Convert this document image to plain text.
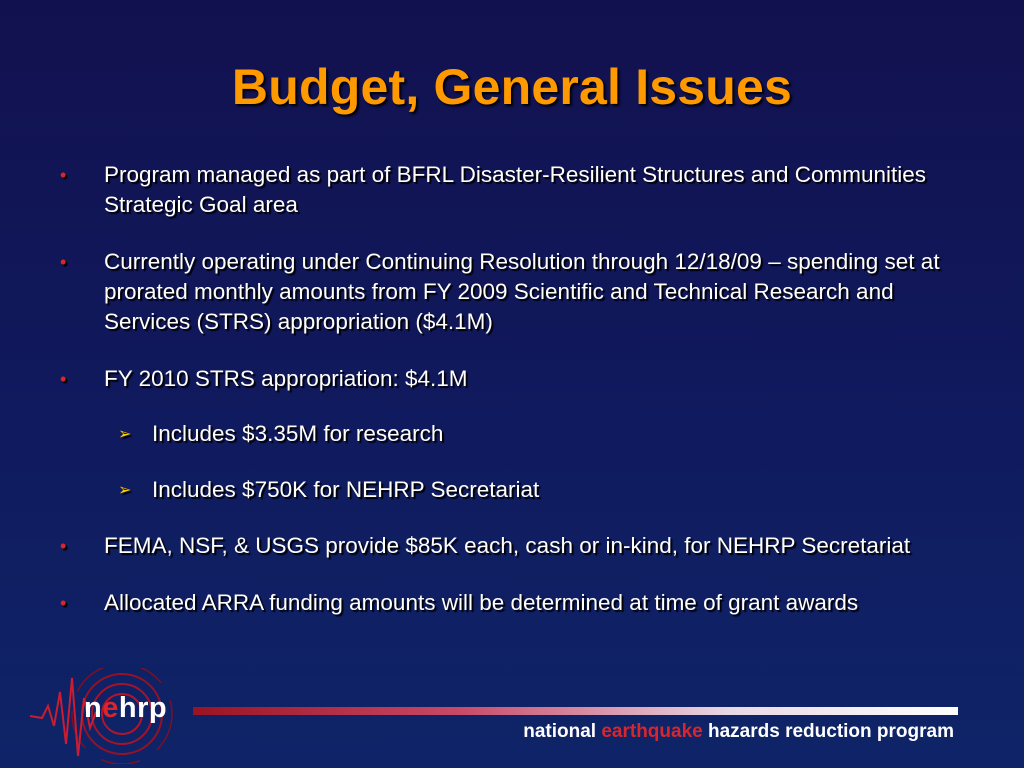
Budget, General Issues
•	Program managed as part of BFRL Disaster-Resilient Structures and Communities Strategic Goal area
•	Currently operating under Continuing Resolution through 12/18/09 – spending set at prorated monthly amounts from FY 2009 Scientific and Technical Research and Services (STRS) appropriation ($4.1M)
•	FY 2010 STRS appropriation: $4.1M
➢ Includes $3.35M for research
➢ Includes $750K for NEHRP Secretariat
•	FEMA, NSF, & USGS provide $85K each, cash or in-kind, for NEHRP Secretariat
•	Allocated ARRA funding amounts will be determined at time of grant awards
nehrp
national earthquake hazards reduction program
